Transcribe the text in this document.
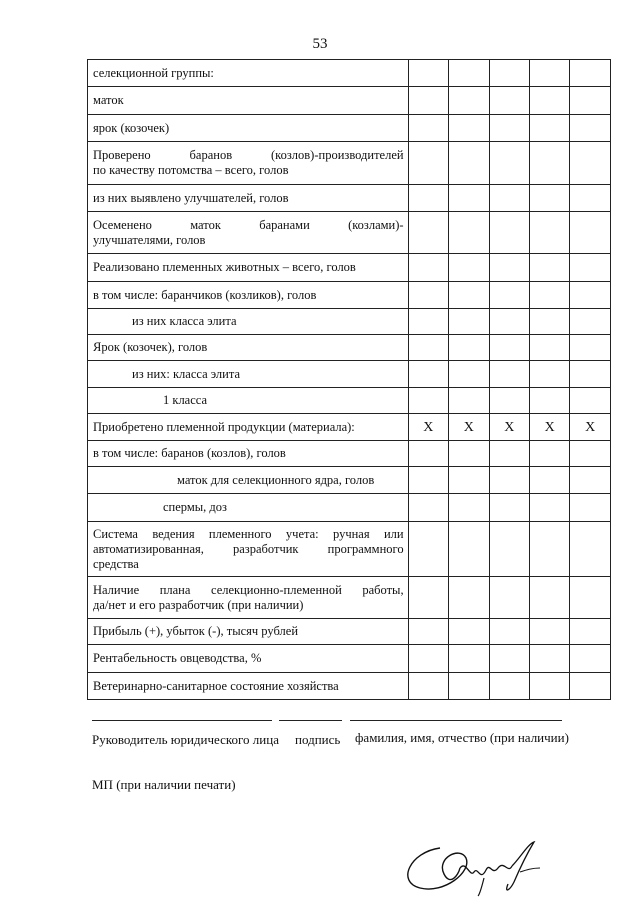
53
селекционной группы:					
маток					
ярок (козочек)					

Проверено баранов (козлов)-производителей
по качеству потомства – всего, голов					

из них выявлено улучшателей, голов					

Осеменено маток баранами (козлами)-
улучшателями, голов					

Реализовано племенных животных – всего, голов					
в том числе: баранчиков (козликов), голов					
из них класса элита					
Ярок (козочек), голов					
из них: класса элита					
1 класса					
Приобретено племенной продукции (материала):	Х	Х	Х	Х	Х
в том числе: баранов (козлов), голов					
маток для селекционного ядра, голов					
спермы, доз					

Система ведения племенного учета: ручная или
автоматизированная, разработчик программного
средства					

Наличие плана селекционно-племенной работы,
да/нет и его разработчик (при наличии)					

Прибыль (+), убыток (-), тысяч рублей					
Рентабельность овцеводства, %					
Ветеринарно-санитарное состояние хозяйства					
Руководитель юридического лица подпись фамилия, имя, отчество (при наличии)
МП (при наличии печати)
